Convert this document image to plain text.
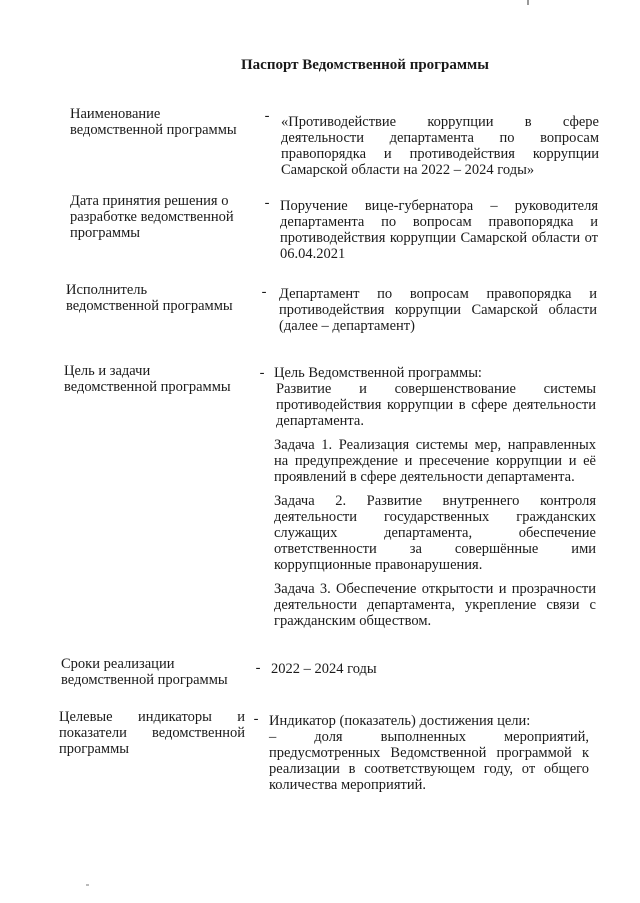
Паспорт Ведомственной программы
Наименование
ведомственной программы
- «Противодействие коррупции в сфере деятельности департамента по вопросам правопорядка и противодействия коррупции Самарской области на 2022 – 2024 годы»
Дата принятия решения о разработке ведомственной программы
- Поручение вице-губернатора – руководителя департамента по вопросам правопорядка и противодействия коррупции Самарской области от 06.04.2021
Исполнитель
ведомственной программы
- Департамент по вопросам правопорядка и противодействия коррупции Самарской области (далее – департамент)
Цель и задачи
ведомственной программы
- Цель Ведомственной программы:

Развитие и совершенствование системы противодействия коррупции в сфере деятельности департамента.

Задача 1. Реализация системы мер, направленных на предупреждение и пресечение коррупции и её проявлений в сфере деятельности департамента.

Задача 2. Развитие внутреннего контроля деятельности государственных гражданских служащих департамента, обеспечение ответственности за совершённые ими коррупционные правонарушения.

Задача 3. Обеспечение открытости и прозрачности деятельности департамента, укрепление связи с гражданским обществом.

Сроки реализации
ведомственной программы
- 2022 – 2024 годы
Целевые индикаторы и показатели ведомственной программы
- Индикатор (показатель) достижения цели:

– доля выполненных мероприятий, предусмотренных Ведомственной программой к реализации в соответствующем году, от общего количества мероприятий.
